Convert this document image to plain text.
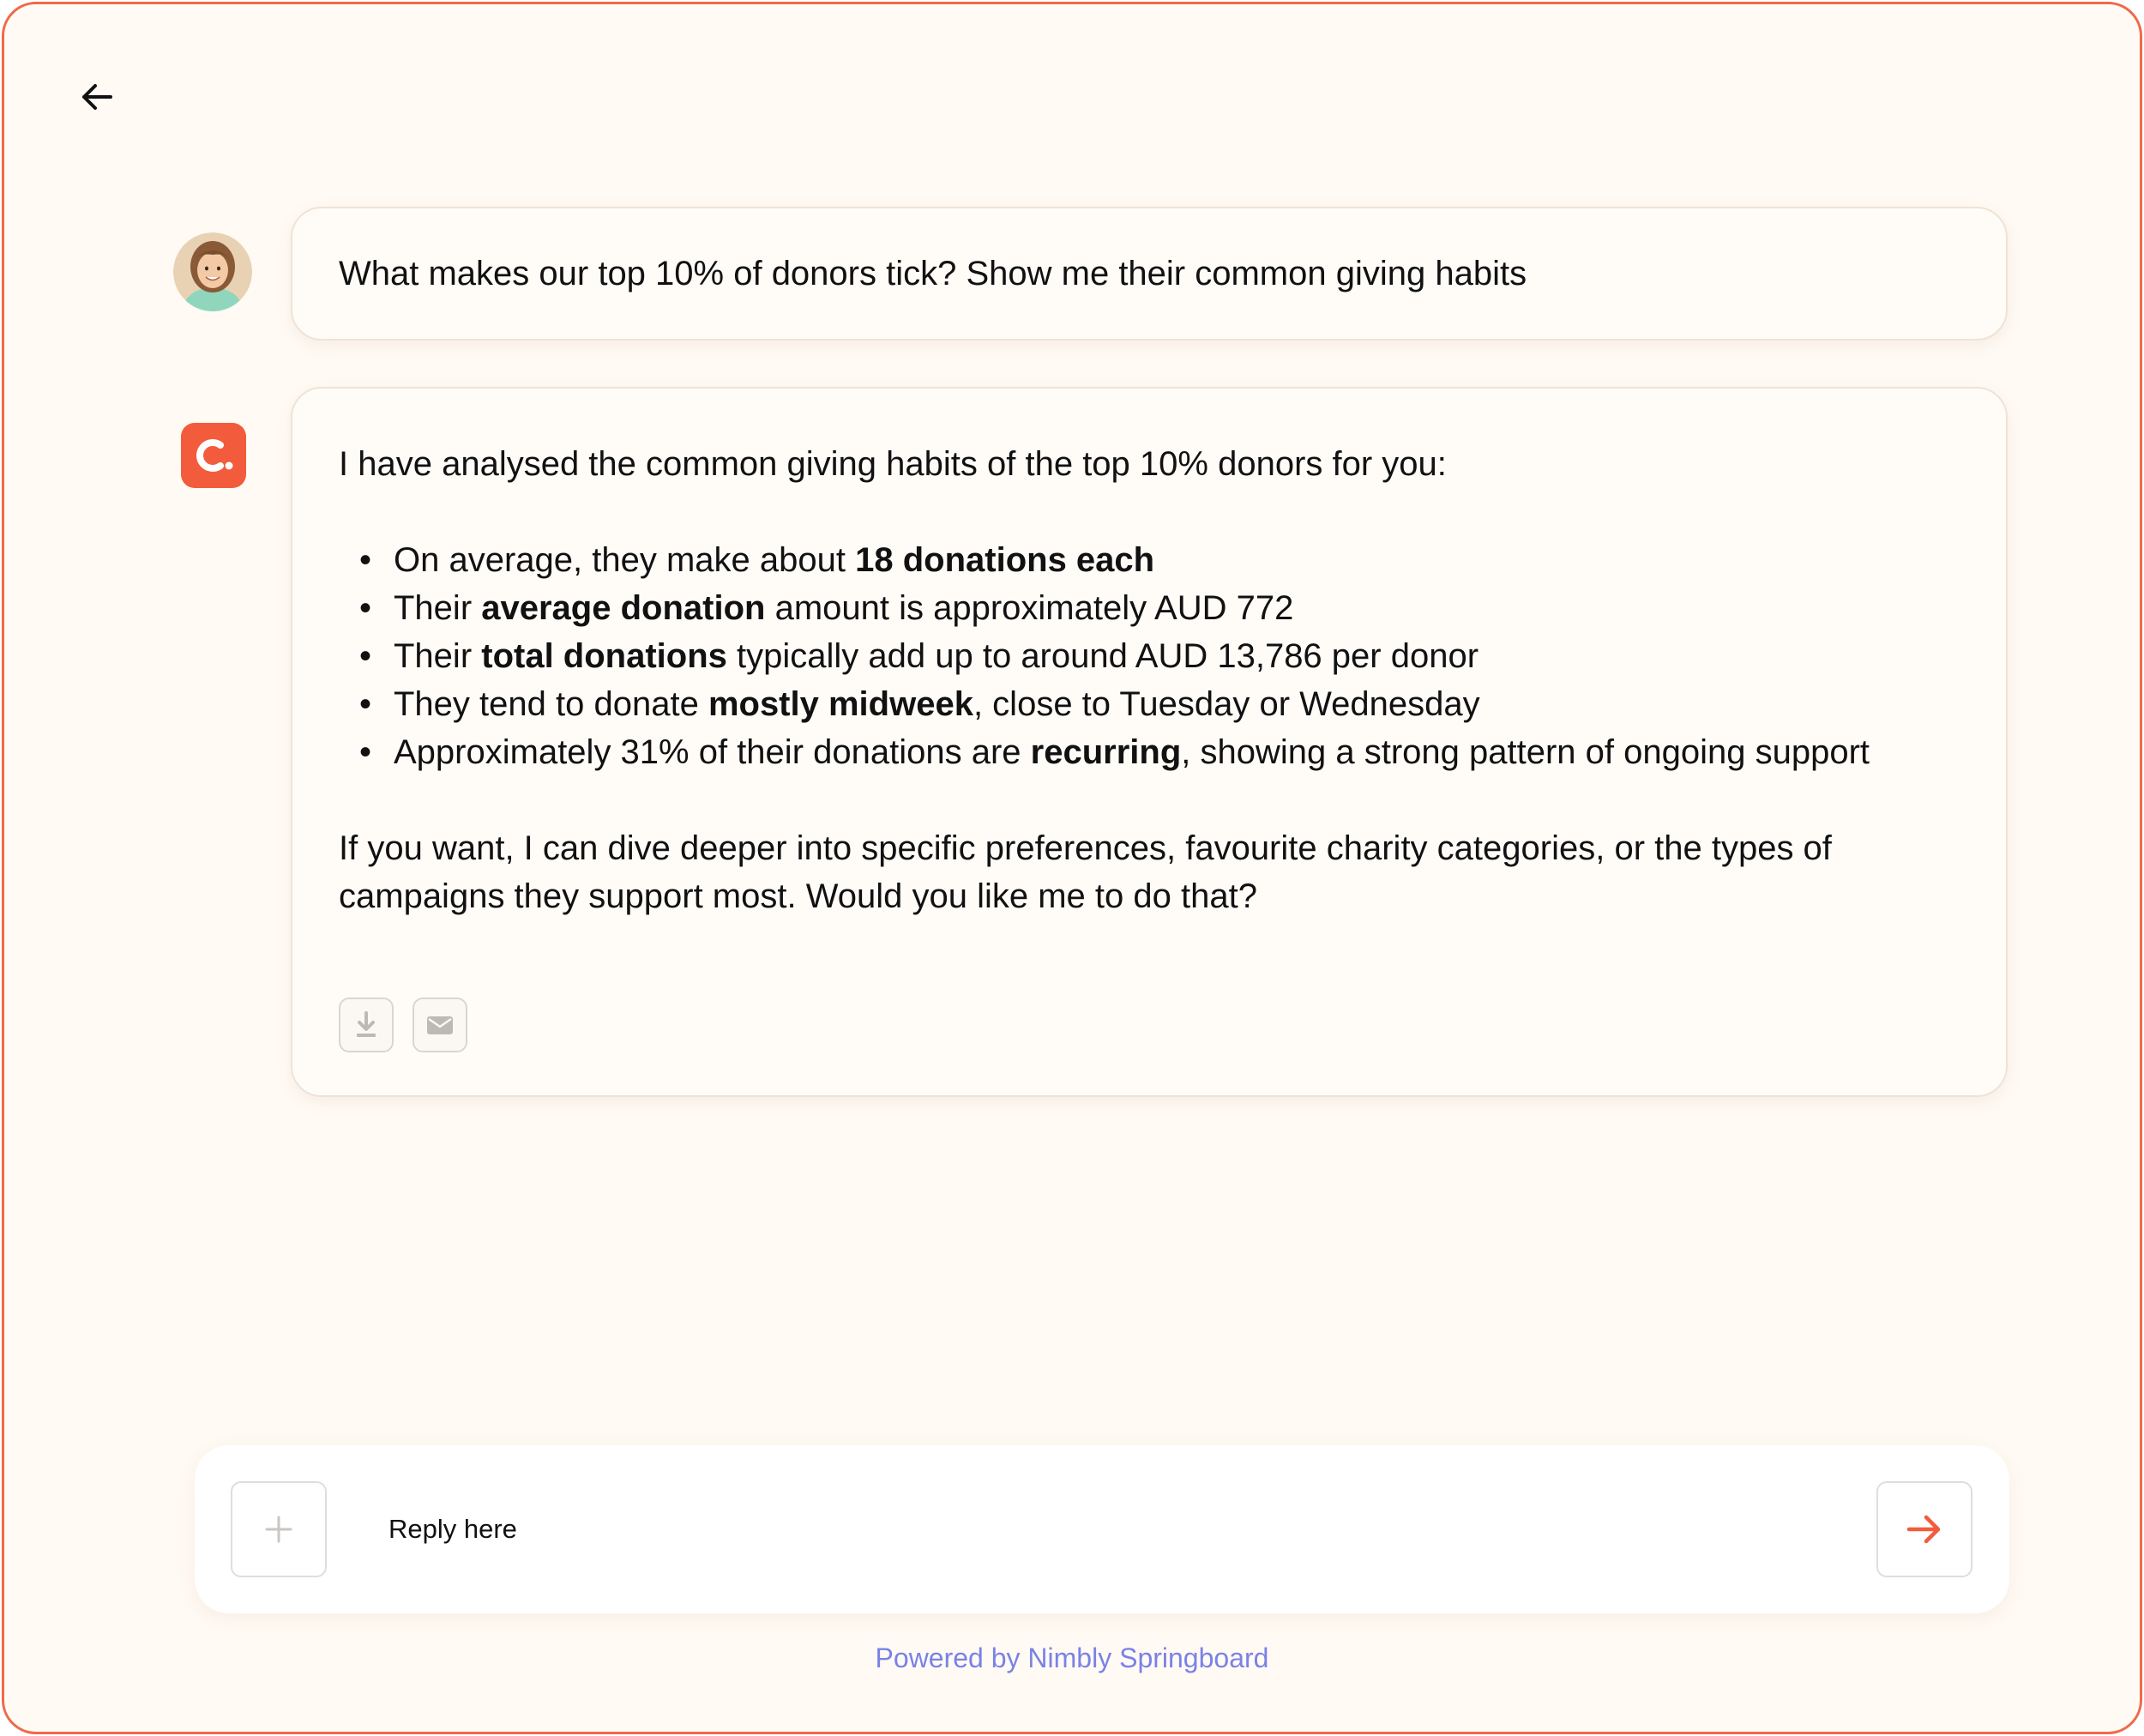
What makes our top 10% of donors tick? Show me their common giving habits

I have analysed the common giving habits of the top 10% donors for you:

• On average, they make about 18 donations each
• Their average donation amount is approximately AUD 772
• Their total donations typically add up to around AUD 13,786 per donor
• They tend to donate mostly midweek, close to Tuesday or Wednesday
• Approximately 31% of their donations are recurring, showing a strong pattern of ongoing support

If you want, I can dive deeper into specific preferences, favourite charity categories, or the types of campaigns they support most. Would you like me to do that?

Reply here
Powered by Nimbly Springboard
